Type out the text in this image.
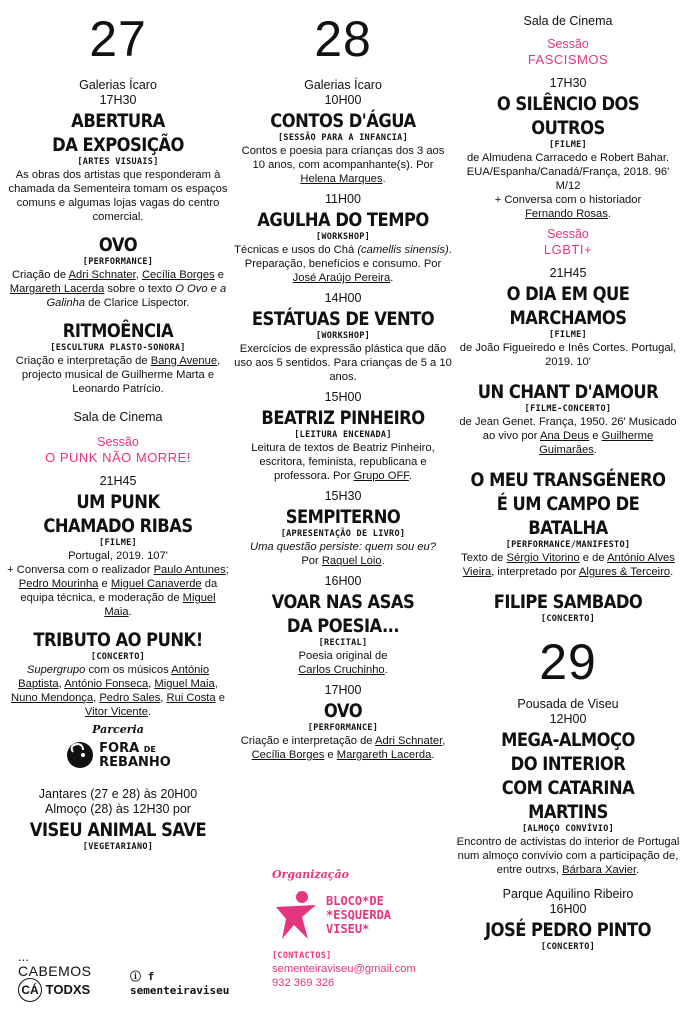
27
Galerias Ícaro
17H30
ABERTURA
DA EXPOSIÇÃO
[ARTES VISUAIS]
As obras dos artistas que responderam à chamada da Sementeira tomam os espaços comuns e algumas lojas vagas do centro comercial.
OVO
[PERFORMANCE]
Criação de Adri Schnater, Cecília Borges e Margareth Lacerda sobre o texto O Ovo e a Galinha de Clarice Lispector.
RITMOÊNCIA
[ESCULTURA PLASTO-SONORA]
Criação e interpretação de Bang Avenue, projecto musical de Guilherme Marta e Leonardo Patrício.
Sala de Cinema
Sessão
O PUNK NÃO MORRE!
21H45
UM PUNK
CHAMADO RIBAS
[FILME]
Portugal, 2019. 107'
+ Conversa com o realizador Paulo Antunes; Pedro Mourinha e Miguel Canaverde da equipa técnica, e moderação de Miguel Maia.
TRIBUTO AO PUNK!
[CONCERTO]
Supergrupo com os músicos António Baptista, António Fonseca, Miguel Maia, Nuno Mendonça, Pedro Sales, Rui Costa e Vitor Vicente.
Parceria
FORA DE
REBANHO
Jantares (27 e 28) às 20H00
Almoço (28) às 12H30 por
VISEU ANIMAL SAVE
[VEGETARIANO]
28
Galerias Ícaro
10H00
CONTOS D'ÁGUA
[SESSÃO PARA A INFANCIA]
Contos e poesia para crianças dos 3 aos 10 anos, com acompanhante(s). Por Helena Marques.
11H00
AGULHA DO TEMPO
[WORKSHOP]
Técnicas e usos do Chá (camellis sinensis). Preparação, benefícios e consumo. Por José Araújo Pereira.
14H00
ESTÁTUAS DE VENTO
[WORKSHOP]
Exercícios de expressão plástica que dão uso aos 5 sentidos. Para crianças de 5 a 10 anos.
15H00
BEATRIZ PINHEIRO
[LEITURA ENCENADA]
Leitura de textos de Beatriz Pinheiro, escritora, feminista, republicana e professora. Por Grupo OFF.
15H30
SEMPITERNO
[APRESENTAÇÃO DE LIVRO]
Uma questão persiste: quem sou eu?
Por Raquel Loio.
16H00
VOAR NAS ASAS
DA POESIA...
[RECITAL]
Poesia original de
Carlos Cruchinho.
17H00
OVO
[PERFORMANCE]
Criação e interpretação de Adri Schnater, Cecília Borges e Margareth Lacerda.
Sala de Cinema
Sessão
FASCISMOS
17H30
O SILÊNCIO DOS OUTROS
[FILME]
de Almudena Carracedo e Robert Bahar. EUA/Espanha/Canadá/França, 2018. 96' M/12
+ Conversa com o historiador
Fernando Rosas.
Sessão
LGBTI+
21H45
O DIA EM QUE
MARCHAMOS
[FILME]
de João Figueiredo e Inês Cortes. Portugal, 2019. 10'
UN CHANT D'AMOUR
[FILME-CONCERTO]
de Jean Genet. França, 1950. 26' Musicado ao vivo por Ana Deus e Guilherme Guimarães.
O MEU TRANSGÉNERO
É UM CAMPO DE BATALHA
[PERFORMANCE/MANIFESTO]
Texto de Sérgio Vitorino e de António Alves Vieira, interpretado por Algures & Terceiro.
FILIPE SAMBADO
[CONCERTO]
29
Pousada de Viseu
12H00
MEGA-ALMOÇO
DO INTERIOR
COM CATARINA
MARTINS
[ALMOÇO CONVÍVIO]
Encontro de activistas do interior de Portugal num almoço convívio com a participação de, entre outrxs, Bárbara Xavier.
Parque Aquilino Ribeiro
16H00
JOSÉ PEDRO PINTO
[CONCERTO]
...
CABEMOS
CÁ TODXS
ⓘ f
sementeiraviseu
Organização
BLOCO*DE
*ESQUERDA
VISEU*
[CONTACTOS]
sementeiraviseu@gmail.com
932 369 326
